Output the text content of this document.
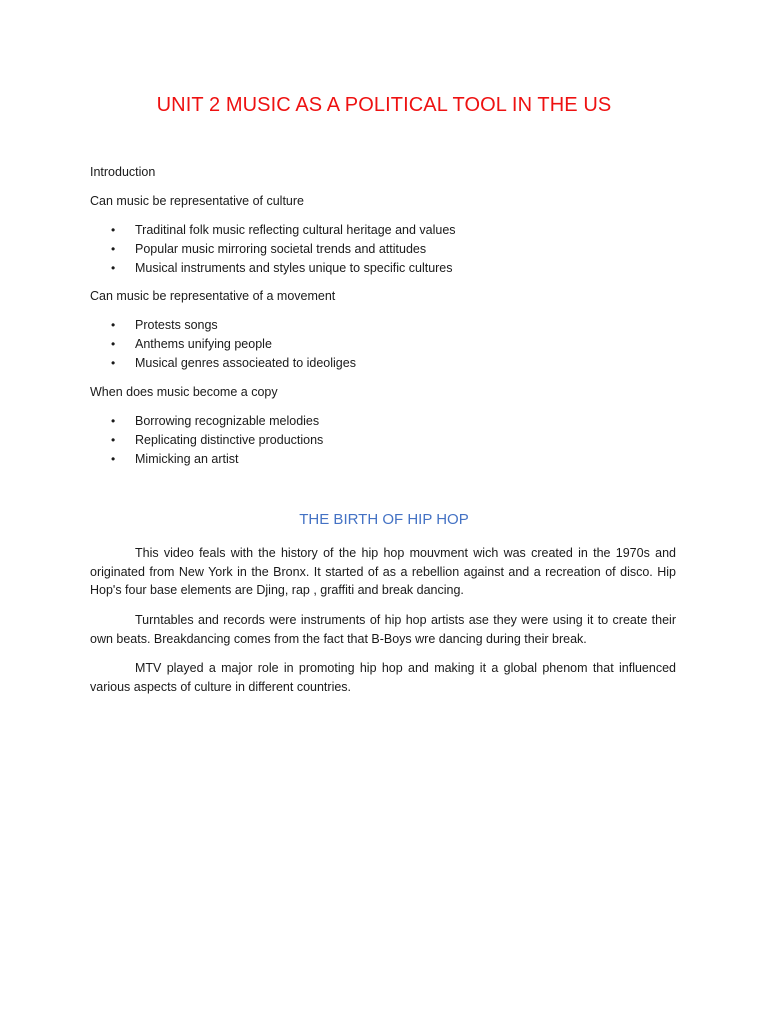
UNIT 2 MUSIC AS A POLITICAL TOOL IN THE US

Introduction

Can music be representative of culture

• Traditinal folk music reflecting cultural heritage and values
• Popular music mirroring societal trends and attitudes
• Musical instruments and styles unique to specific cultures

Can music be representative of a movement

• Protests songs
• Anthems unifying people
• Musical genres associeated to ideoliges

When does music become a copy

• Borrowing recognizable melodies
• Replicating distinctive productions
• Mimicking an artist
THE BIRTH OF HIP HOP

This video feals with the history of the hip hop mouvment wich was created in the 1970s and originated from New York in the Bronx. It started of as a rebellion against and a recreation of disco. Hip Hop's four base elements are Djing, rap , graffiti and break dancing.

Turntables and records were instruments of hip hop artists ase they were using it to create their own beats. Breakdancing comes from the fact that B-Boys wre dancing during their break.

MTV played a major role in promoting hip hop and making it a global phenom that influenced various aspects of culture in different countries.
